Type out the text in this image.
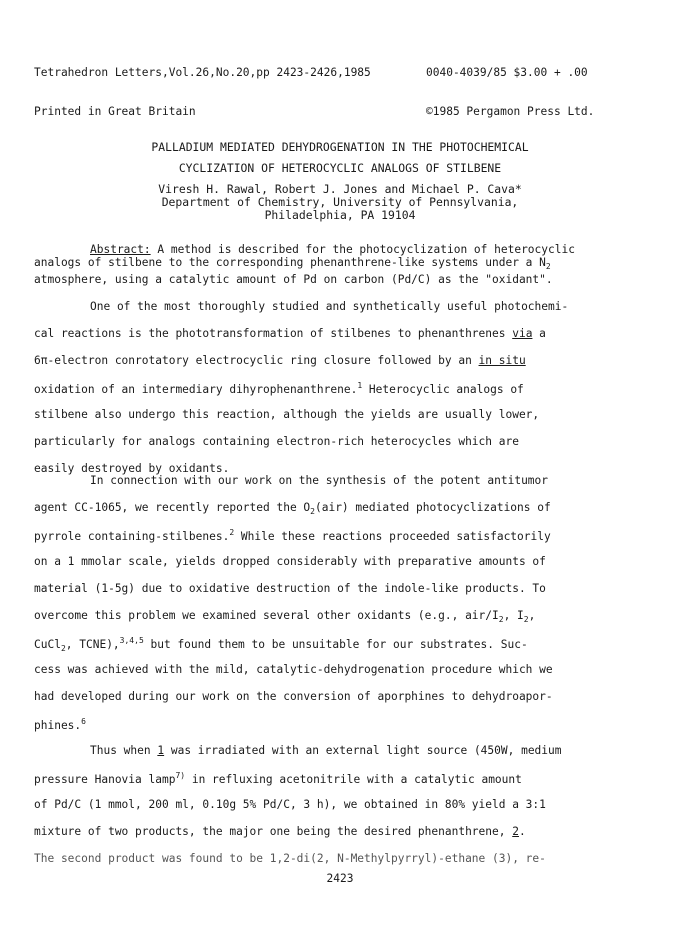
Tetrahedron Letters,Vol.26,No.20,pp 2423-2426,1985

Printed in Great Britain

0040-4039/85 $3.00 + .00

©1985 Pergamon Press Ltd.

PALLADIUM MEDIATED DEHYDROGENATION IN THE PHOTOCHEMICAL
CYCLIZATION OF HETEROCYCLIC ANALOGS OF STILBENE
Viresh H. Rawal, Robert J. Jones and Michael P. Cava*
Department of Chemistry, University of Pennsylvania,
Philadelphia, PA 19104
Abstract: A method is described for the photocyclization of heterocyclic
analogs of stilbene to the corresponding phenanthrene-like systems under a $N_2$
atmosphere, using a catalytic amount of Pd on carbon (Pd/C) as the "oxidant".
One of the most thoroughly studied and synthetically useful photochemi-
cal reactions is the phototransformation of stilbenes to phenanthrenes via a
6π-electron conrotatory electrocyclic ring closure followed by an in situ
oxidation of an intermediary dihyrophenanthrene.$^1$ Heterocyclic analogs of
stilbene also undergo this reaction, although the yields are usually lower,
particularly for analogs containing electron-rich heterocycles which are
easily destroyed by oxidants.
In connection with our work on the synthesis of the potent antitumor
agent CC-1065, we recently reported the $O_2(air)$ mediated photocyclizations of
pyrrole containing-stilbenes.$^2$ While these reactions proceeded satisfactorily
on a 1 mmolar scale, yields dropped considerably with preparative amounts of
material (1-5g) due to oxidative destruction of the indole-like products. To
overcome this problem we examined several other oxidants (e.g., air/$I_2$, $I_2$,
CuCl$_2$, TCNE),$^{3,4,5}$ but found them to be unsuitable for our substrates. Suc-
cess was achieved with the mild, catalytic-dehydrogenation procedure which we
had developed during our work on the conversion of aporphines to dehydroapor-
phines.$^6$
Thus when 1 was irradiated with an external light source (450W, medium
pressure Hanovia lamp$^{7)}$ in refluxing acetonitrile with a catalytic amount
of Pd/C (1 mmol, 200 ml, 0.10g 5% Pd/C, 3 h), we obtained in 80% yield a 3:1
mixture of two products, the major one being the desired phenanthrene, 2.
The second product was found to be 1,2-di(2, N-Methylpyrryl)-ethane (3), re-
2423
